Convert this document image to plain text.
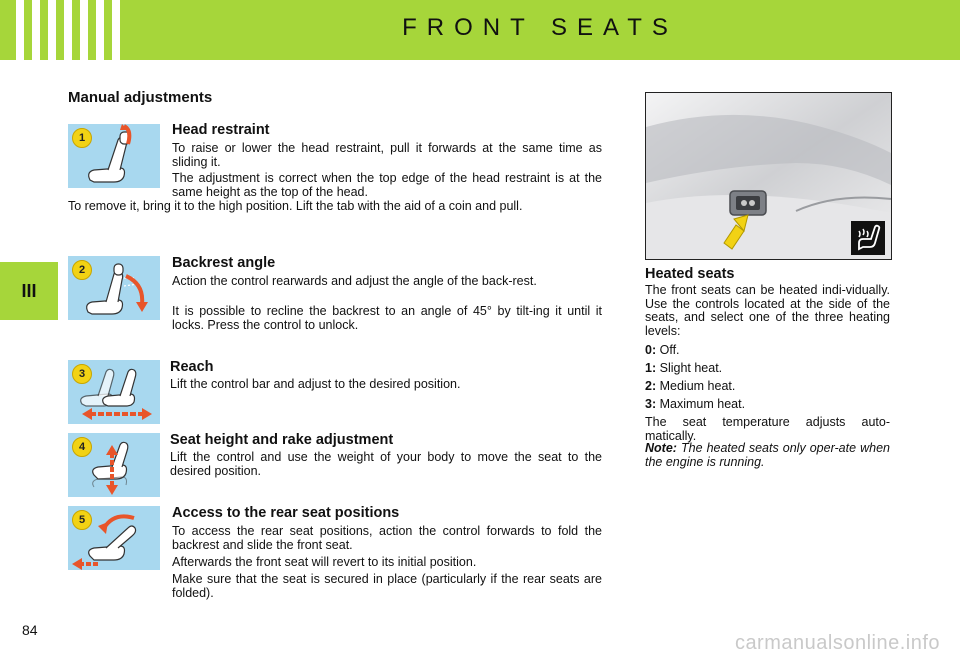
FRONT SEATS
III
Manual adjustments
1	Head restraint

To raise or lower the head restraint, pull it forwards at the same time as sliding it.

The adjustment is correct when the top edge of the head restraint is at the same height as the top of the head.

To remove it, bring it to the high position. Lift the tab with the aid of a coin and pull.

2	Backrest angle

Action the control rearwards and adjust the angle of the back-rest.

It is possible to recline the backrest to an angle of 45° by tilt-ing it until it locks. Press the control to unlock.

3	Reach

Lift the control bar and adjust to the desired position.

4	Seat height and rake adjustment

Lift the control and use the weight of your body to move the seat to the desired position.

5	Access to the rear seat positions

To access the rear seat positions, action the control forwards to fold the backrest and slide the front seat.

Afterwards the front seat will revert to its initial position.

Make sure that the seat is secured in place (particularly if the rear seats are folded).

Heated seats
The front seats can be heated indi-vidually. Use the controls located at the side of the seats, and select one of the three heating levels:
0: Off.
1: Slight heat.
2: Medium heat.
3: Maximum heat.
The seat temperature adjusts auto-matically.
Note: The heated seats only oper-ate when the engine is running.
84
carmanualsonline.info
